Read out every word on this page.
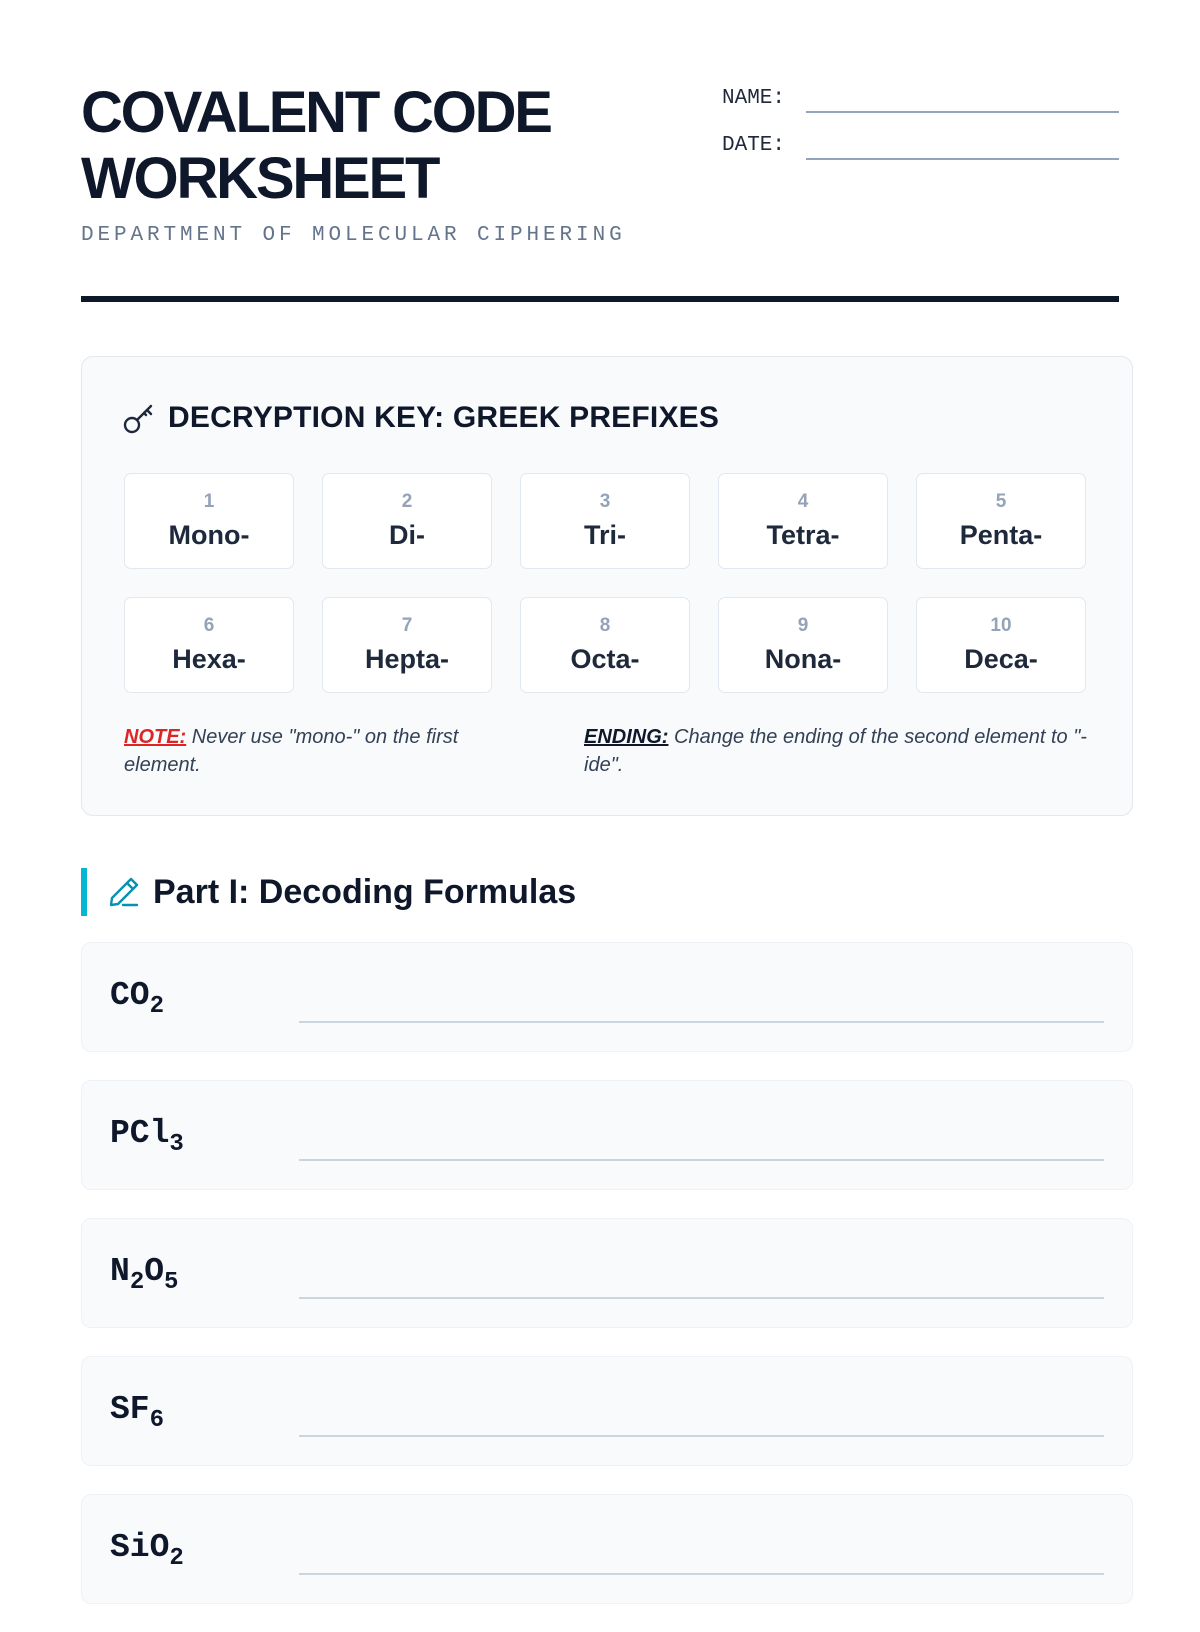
COVALENT CODE
WORKSHEET
DEPARTMENT OF MOLECULAR CIPHERING
NAME:
DATE:
DECRYPTION KEY: GREEK PREFIXES
1
Mono-
2
Di-
3
Tri-
4
Tetra-
5
Penta-
6
Hexa-
7
Hepta-
8
Octa-
9
Nona-
10
Deca-
NOTE: Never use "mono-" on the first element.
ENDING: Change the ending of the second element to "-ide".
Part I: Decoding Formulas
$CO_2$
PCl$_3$
$N_2O_5$
$SF_6$
SiO$_2$
